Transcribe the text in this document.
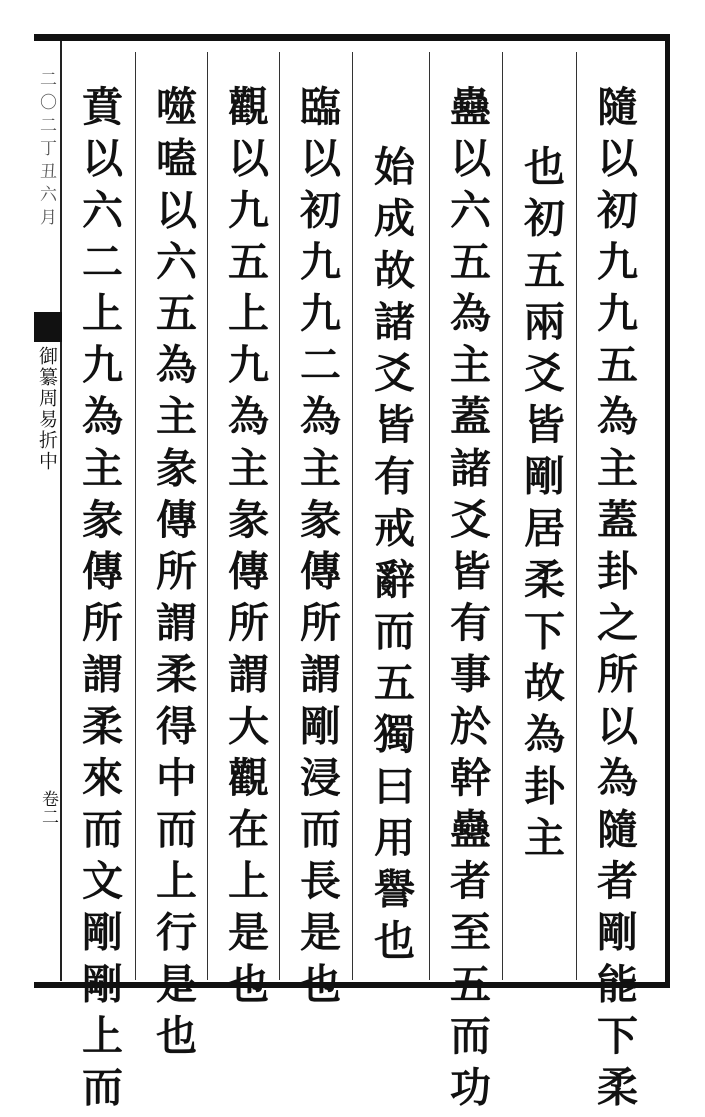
二〇二丁丑六月
御纂周易折中
卷二	隨以初九九五為主蓋卦之所以為隨者剛能下柔
也初五兩爻皆剛居柔下故為卦主
蠱以六五為主蓋諸爻皆有事於幹蠱者至五而功
始成故諸爻皆有戒辭而五獨曰用譽也
臨以初九九二為主彖傳所謂剛浸而長是也
觀以九五上九為主彖傳所謂大觀在上是也
噬嗑以六五為主彖傳所謂柔得中而上行是也
賁以六二上九為主彖傳所謂柔來而文剛剛上而
